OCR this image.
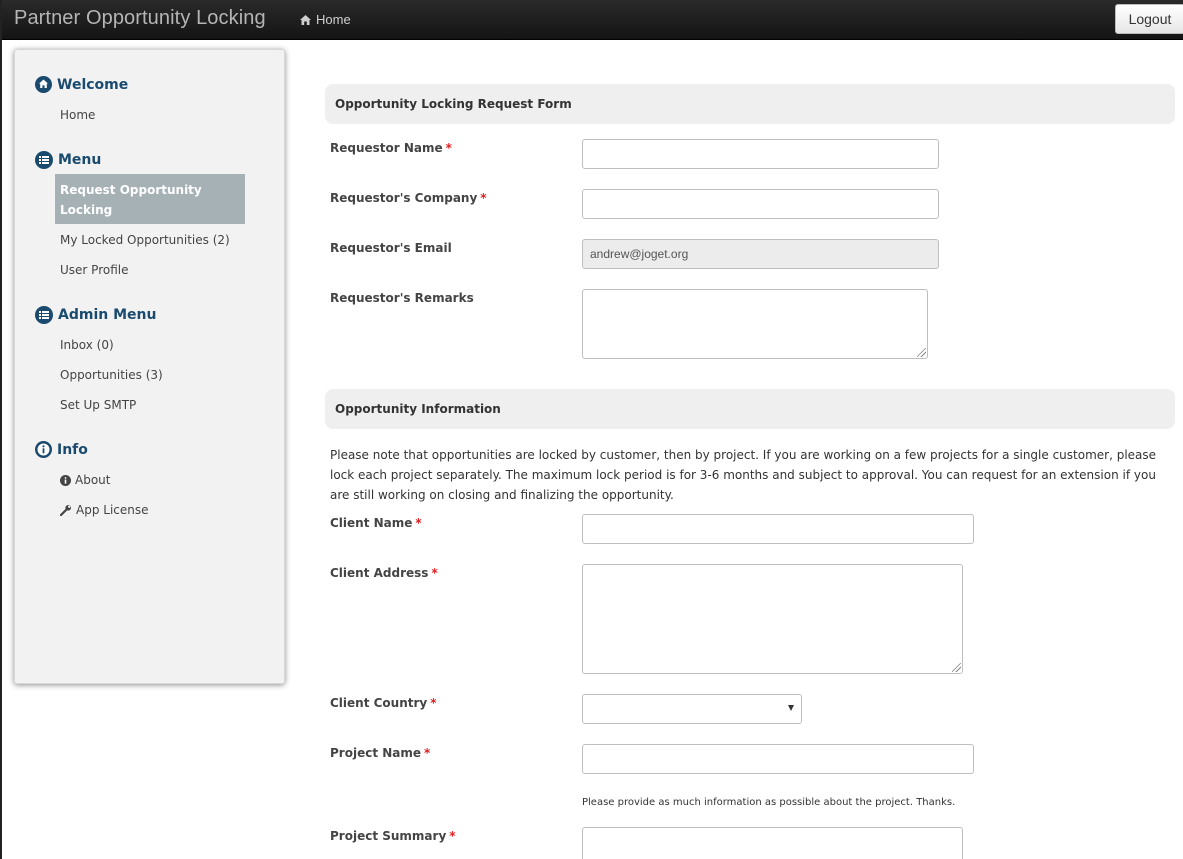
Partner Opportunity Locking	Home	Logout
Welcome
Home
Menu
Request Opportunity Locking
My Locked Opportunities (2)
User Profile
Admin Menu
Inbox (0)
Opportunities (3)
Set Up SMTP
Info
About
App License
Opportunity Locking Request Form
Requestor Name *
Requestor's Company *
Requestor's Email	andrew@joget.org
Requestor's Remarks
Opportunity Information
Please note that opportunities are locked by customer, then by project. If you are working on a few projects for a single customer, please lock each project separately. The maximum lock period is for 3-6 months and subject to approval. You can request for an extension if you are still working on closing and finalizing the opportunity.
Client Name *
Client Address *
Client Country *
Project Name *
Please provide as much information as possible about the project. Thanks.
Project Summary *
